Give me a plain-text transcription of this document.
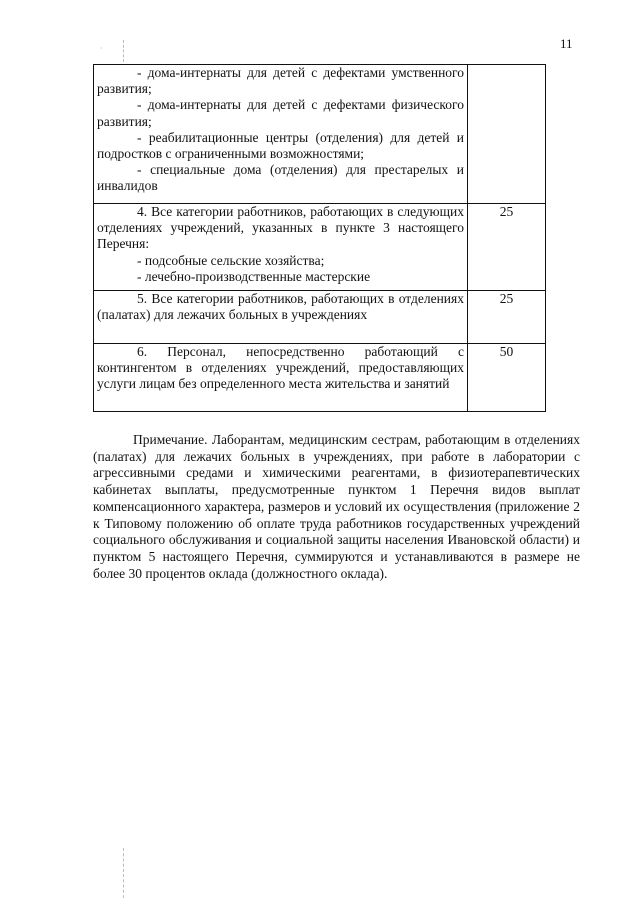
·	11

- дома-интернаты для детей с дефектами умственного развития;

- дома-интернаты для детей с дефектами физического развития;

- реабилитационные центры (отделения) для детей и подростков с ограниченными возможностями;

- специальные дома (отделения) для престарелых и инвалидов	

4. Все категории работников, работающих в следующих отделениях учреждений, указанных в пункте 3 настоящего Перечня:

- подсобные сельские хозяйства;

- лечебно-производственные мастерские	25

5. Все категории работников, работающих в отделениях (палатах) для лежачих больных в учреждениях	25

6. Персонал, непосредственно работающий с контингентом в отделениях учреждений, предоставляющих услуги лицам без определенного места жительства и занятий	50

Примечание. Лаборантам, медицинским сестрам, работающим в отделениях (палатах) для лежачих больных в учреждениях, при работе в лаборатории с агрессивными средами и химическими реагентами, в физиотерапевтических кабинетах выплаты, предусмотренные пунктом 1 Перечня видов выплат компенсационного характера, размеров и условий их осуществления (приложение 2 к Типовому положению об оплате труда работников государственных учреждений социального обслуживания и социальной защиты населения Ивановской области) и пунктом 5 настоящего Перечня, суммируются и устанавливаются в размере не более 30 процентов оклада (должностного оклада).
